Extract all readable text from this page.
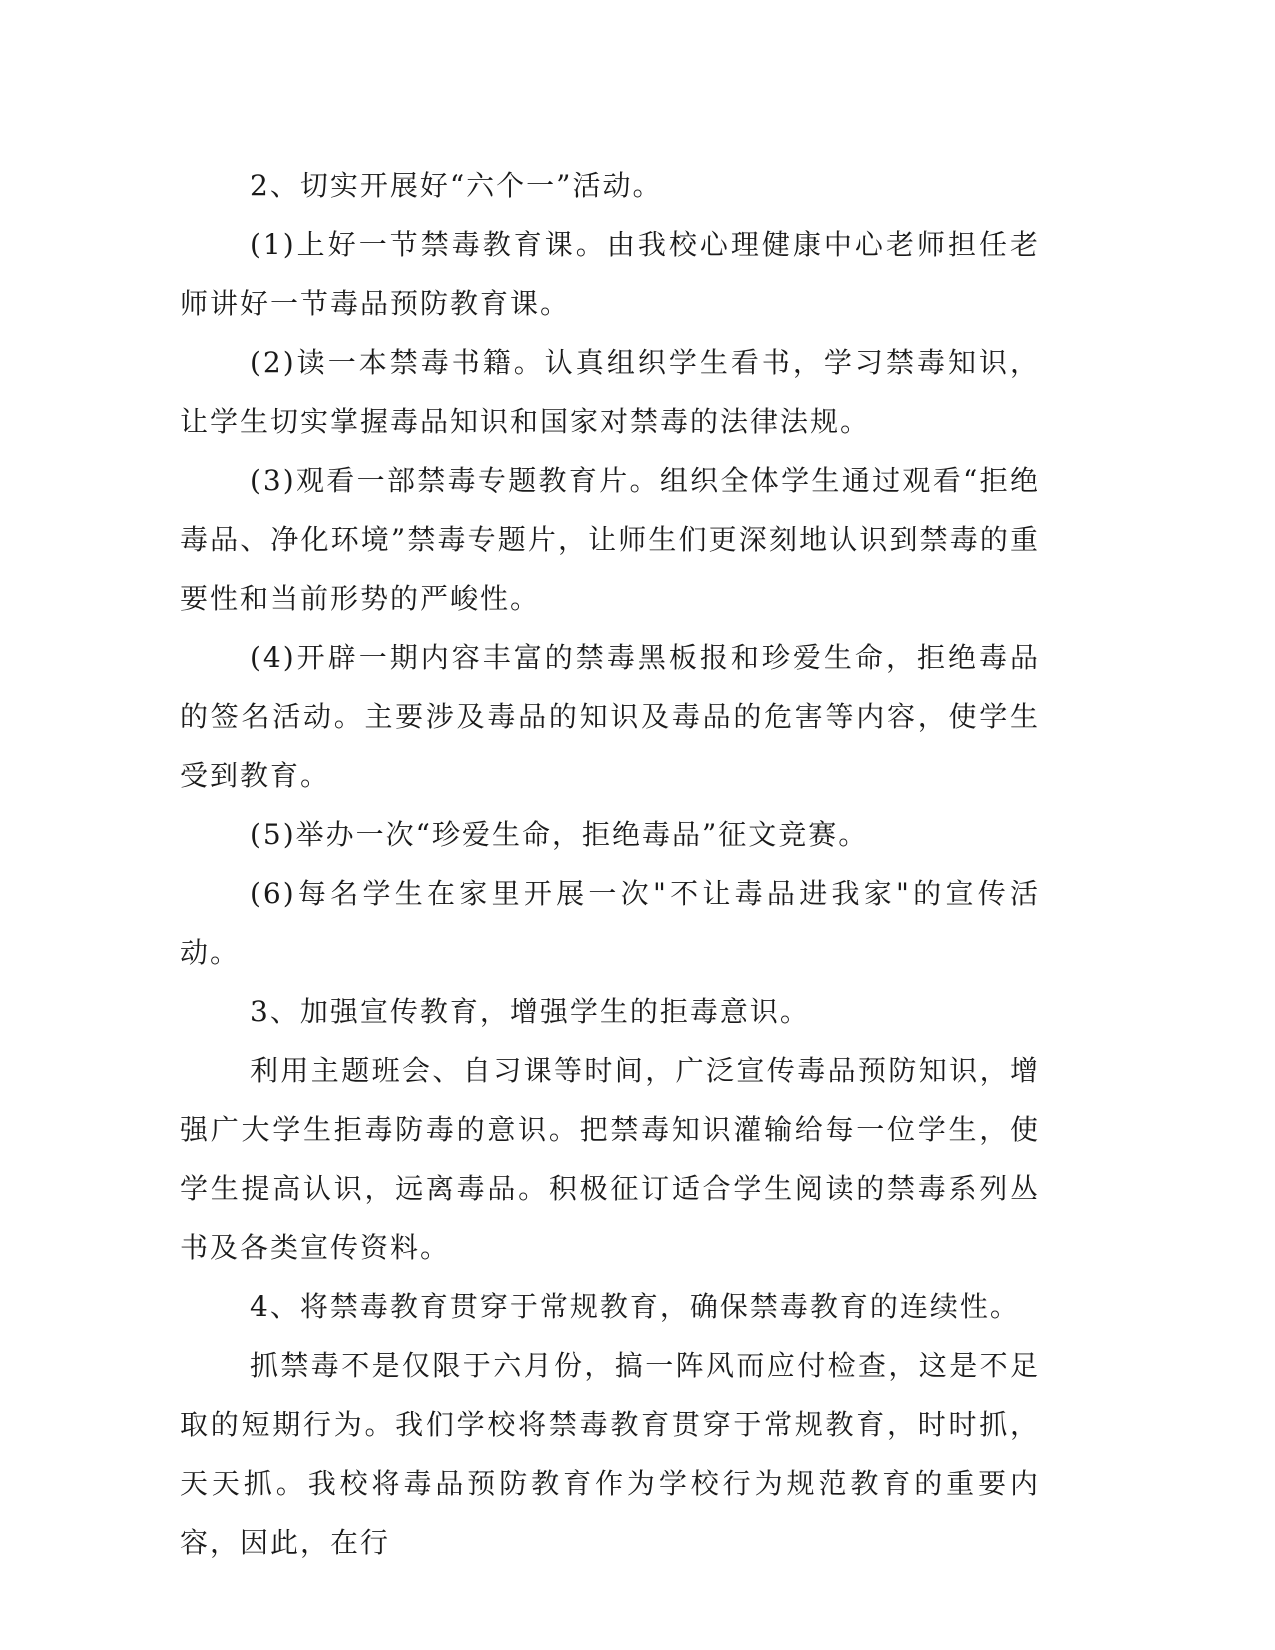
2、切实开展好“六个一”活动。

(1)上好一节禁毒教育课。由我校心理健康中心老师担任老师讲好一节毒品预防教育课。

(2)读一本禁毒书籍。认真组织学生看书，学习禁毒知识，让学生切实掌握毒品知识和国家对禁毒的法律法规。

(3)观看一部禁毒专题教育片。组织全体学生通过观看“拒绝毒品、净化环境”禁毒专题片，让师生们更深刻地认识到禁毒的重要性和当前形势的严峻性。

(4)开辟一期内容丰富的禁毒黑板报和珍爱生命，拒绝毒品的签名活动。主要涉及毒品的知识及毒品的危害等内容，使学生受到教育。

(5)举办一次“珍爱生命，拒绝毒品”征文竞赛。

(6)每名学生在家里开展一次"不让毒品进我家"的宣传活动。

3、加强宣传教育，增强学生的拒毒意识。

利用主题班会、自习课等时间，广泛宣传毒品预防知识，增强广大学生拒毒防毒的意识。把禁毒知识灌输给每一位学生，使学生提高认识，远离毒品。积极征订适合学生阅读的禁毒系列丛书及各类宣传资料。

4、将禁毒教育贯穿于常规教育，确保禁毒教育的连续性。

抓禁毒不是仅限于六月份，搞一阵风而应付检查，这是不足取的短期行为。我们学校将禁毒教育贯穿于常规教育，时时抓，天天抓。我校将毒品预防教育作为学校行为规范教育的重要内容，因此，在行
